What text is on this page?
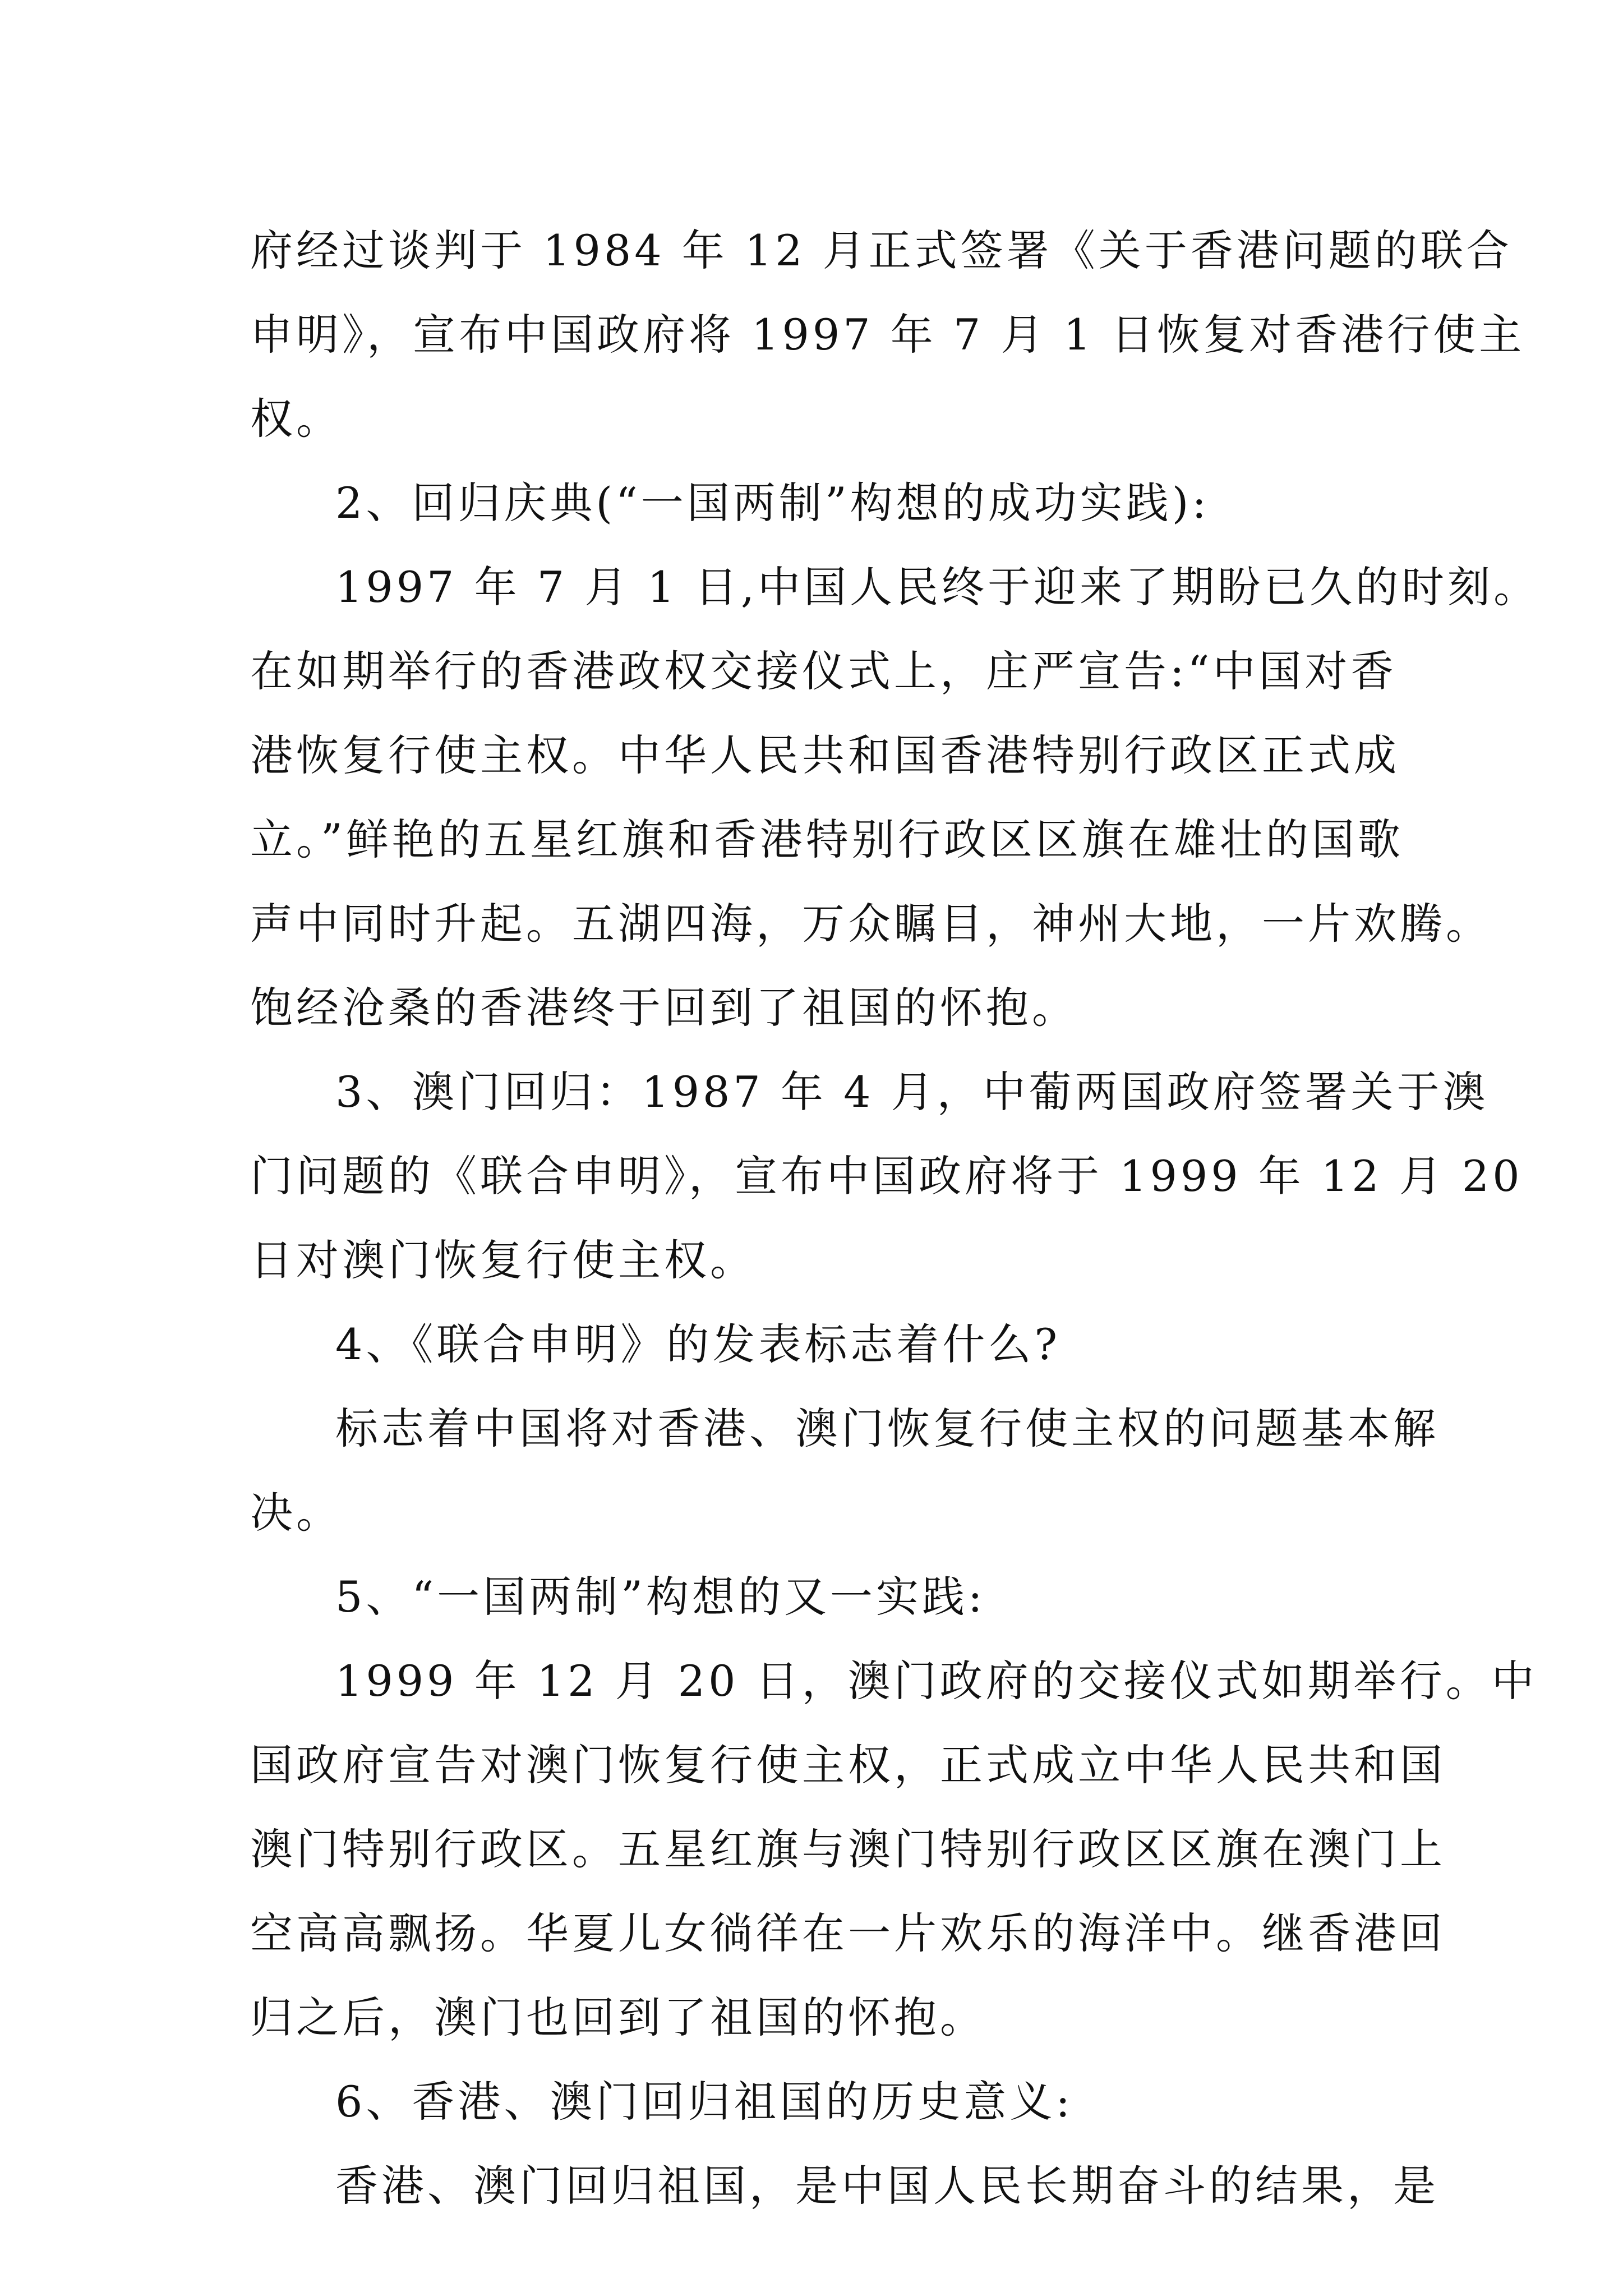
府经过谈判于 1984 年 12 月正式签署《关于香港问题的联合
申明》，宣布中国政府将 1997 年 7 月 1 日恢复对香港行使主
权。
2、回归庆典(“一国两制”构想的成功实践):
1997 年 7 月 1 日,中国人民终于迎来了期盼已久的时刻。
在如期举行的香港政权交接仪式上，庄严宣告:“中国对香
港恢复行使主权。中华人民共和国香港特别行政区正式成
立。”鲜艳的五星红旗和香港特别行政区区旗在雄壮的国歌
声中同时升起。五湖四海，万众瞩目，神州大地，一片欢腾。
饱经沧桑的香港终于回到了祖国的怀抱。
3、澳门回归：1987 年 4 月，中葡两国政府签署关于澳
门问题的《联合申明》，宣布中国政府将于 1999 年 12 月 20
日对澳门恢复行使主权。
4、《联合申明》的发表标志着什么?
标志着中国将对香港、澳门恢复行使主权的问题基本解
决。
5、“一国两制”构想的又一实践:
1999 年 12 月 20 日，澳门政府的交接仪式如期举行。中
国政府宣告对澳门恢复行使主权，正式成立中华人民共和国
澳门特别行政区。五星红旗与澳门特别行政区区旗在澳门上
空高高飘扬。华夏儿女徜徉在一片欢乐的海洋中。继香港回
归之后，澳门也回到了祖国的怀抱。
6、香港、澳门回归祖国的历史意义:
香港、澳门回归祖国，是中国人民长期奋斗的结果，是
